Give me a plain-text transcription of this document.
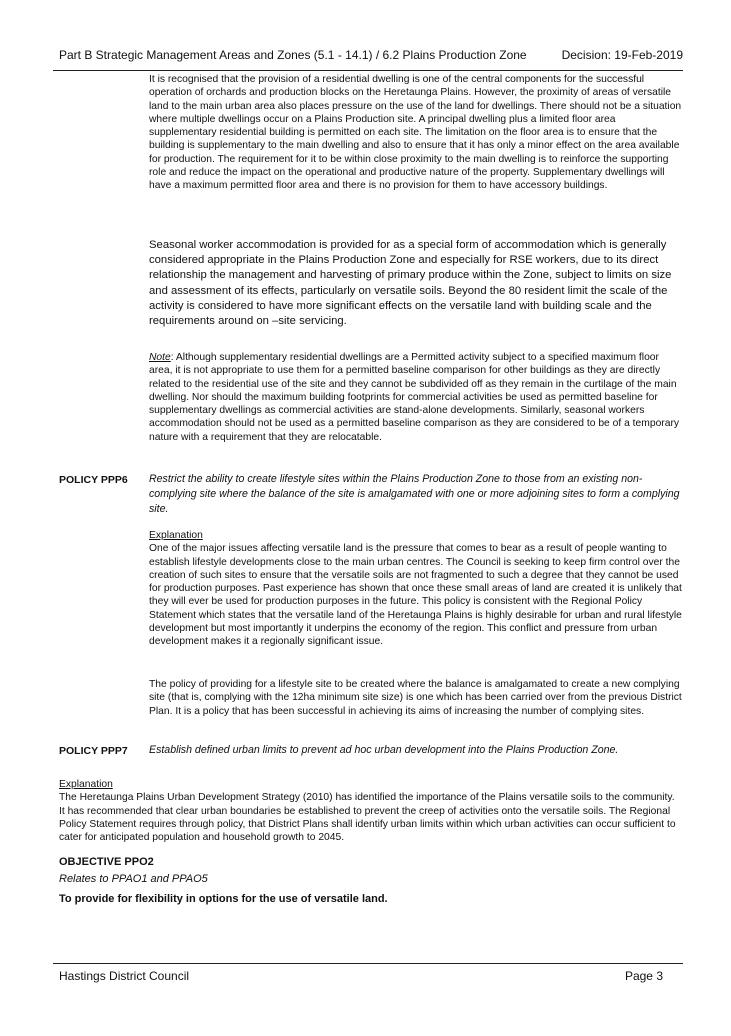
Part B Strategic Management Areas and Zones (5.1 - 14.1) / 6.2 Plains Production Zone	Decision: 19-Feb-2019

It is recognised that the provision of a residential dwelling is one of the central components for the successful operation of orchards and production blocks on the Heretaunga Plains. However, the proximity of areas of versatile land to the main urban area also places pressure on the use of the land for dwellings. There should not be a situation where multiple dwellings occur on a Plains Production site. A principal dwelling plus a limited floor area supplementary residential building is permitted on each site. The limitation on the floor area is to ensure that the building is supplementary to the main dwelling and also to ensure that it has only a minor effect on the area available for production. The requirement for it to be within close proximity to the main dwelling is to reinforce the supporting role and reduce the impact on the operational and productive nature of the property. Supplementary dwellings will have a maximum permitted floor area and there is no provision for them to have accessory buildings.

Seasonal worker accommodation is provided for as a special form of accommodation which is generally considered appropriate in the Plains Production Zone and especially for RSE workers, due to its direct relationship the management and harvesting of primary produce within the Zone, subject to limits on size and assessment of its effects, particularly on versatile soils. Beyond the 80 resident limit the scale of the activity is considered to have more significant effects on the versatile land with building scale and the requirements around on –site servicing.

Note: Although supplementary residential dwellings are a Permitted activity subject to a specified maximum floor area, it is not appropriate to use them for a permitted baseline comparison for other buildings as they are directly related to the residential use of the site and they cannot be subdivided off as they remain in the curtilage of the main dwelling. Nor should the maximum building footprints for commercial activities be used as permitted baseline for supplementary dwellings as commercial activities are stand-alone developments. Similarly, seasonal workers accommodation should not be used as a permitted baseline comparison as they are considered to be of a temporary nature with a requirement that they are relocatable.

POLICY PPP6 Restrict the ability to create lifestyle sites within the Plains Production Zone to those from an existing non-complying site where the balance of the site is amalgamated with one or more adjoining sites to form a complying site.

Explanation

One of the major issues affecting versatile land is the pressure that comes to bear as a result of people wanting to establish lifestyle developments close to the main urban centres. The Council is seeking to keep firm control over the creation of such sites to ensure that the versatile soils are not fragmented to such a degree that they cannot be used for production purposes. Past experience has shown that once these small areas of land are created it is unlikely that they will ever be used for production purposes in the future. This policy is consistent with the Regional Policy Statement which states that the versatile land of the Heretaunga Plains is highly desirable for urban and rural lifestyle development but most importantly it underpins the economy of the region. This conflict and pressure from urban development makes it a regionally significant issue.

The policy of providing for a lifestyle site to be created where the balance is amalgamated to create a new complying site (that is, complying with the 12ha minimum site size) is one which has been carried over from the previous District Plan. It is a policy that has been successful in achieving its aims of increasing the number of complying sites.

POLICY PPP7 Establish defined urban limits to prevent ad hoc urban development into the Plains Production Zone.

Explanation

The Heretaunga Plains Urban Development Strategy (2010) has identified the importance of the Plains versatile soils to the community. It has recommended that clear urban boundaries be established to prevent the creep of activities onto the versatile soils. The Regional Policy Statement requires through policy, that District Plans shall identify urban limits within which urban activities can occur sufficient to cater for anticipated population and household growth to 2045.

OBJECTIVE PPO2
Relates to PPAO1 and PPAO5
To provide for flexibility in options for the use of versatile land.
Hastings District Council	Page 3
